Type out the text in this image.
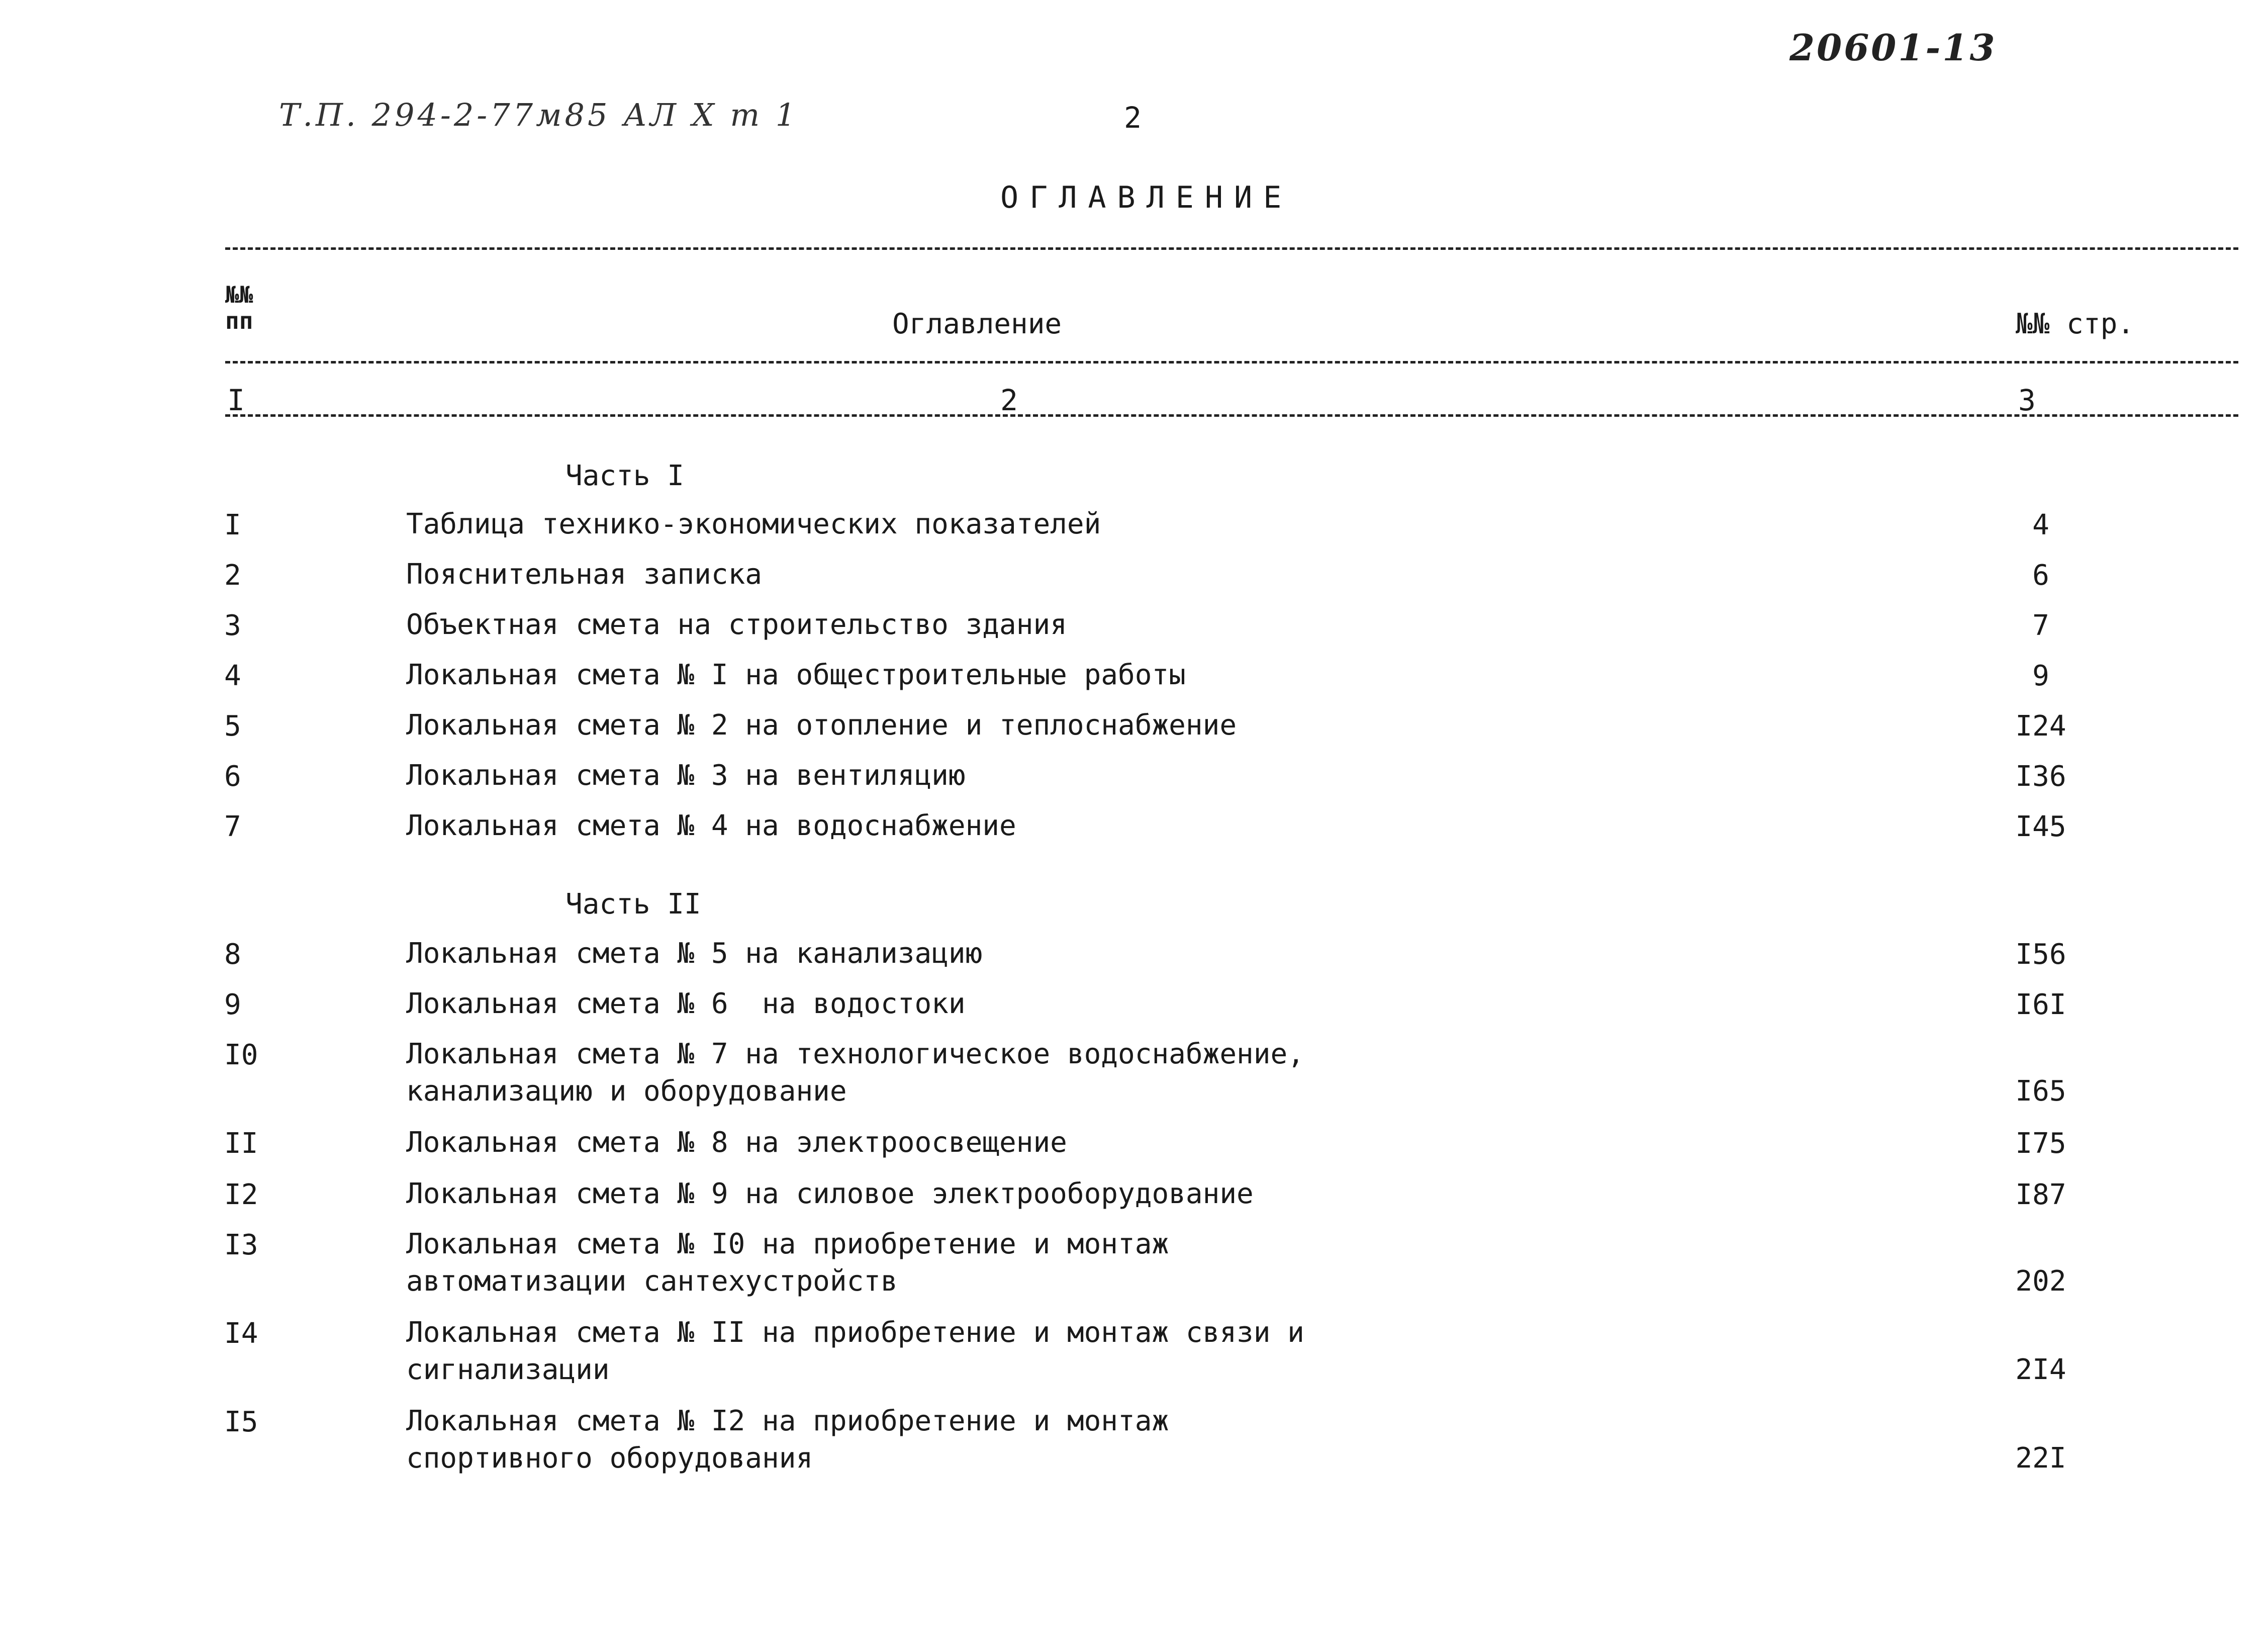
Т.П. 294-2-77м85 АЛ X т 1
20601-13
2
ОГЛАВЛЕНИЕ
№№
пп	Оглавление	№№ стр.
I	2	3
Часть I
I	Таблица технико-экономических показателей	4
2	Пояснительная записка	6
3	Объектная смета на строительство здания	7
4	Локальная смета № I на общестроительные работы	9
5	Локальная смета № 2 на отопление и теплоснабжение	I24
6	Локальная смета № 3 на вентиляцию	I36
7	Локальная смета № 4 на водоснабжение	I45
Часть II
8	Локальная смета № 5 на канализацию	I56
9	Локальная смета № 6  на водостоки	I6I
I0	Локальная смета № 7 на технологическое водоснабжение,
канализацию и оборудование	I65
II	Локальная смета № 8 на электроосвещение	I75
I2	Локальная смета № 9 на силовое электрооборудование	I87
I3	Локальная смета № I0 на приобретение и монтаж
автоматизации сантехустройств	202
I4	Локальная смета № II на приобретение и монтаж связи и
сигнализации	2I4
I5	Локальная смета № I2 на приобретение и монтаж
спортивного оборудования	22I
